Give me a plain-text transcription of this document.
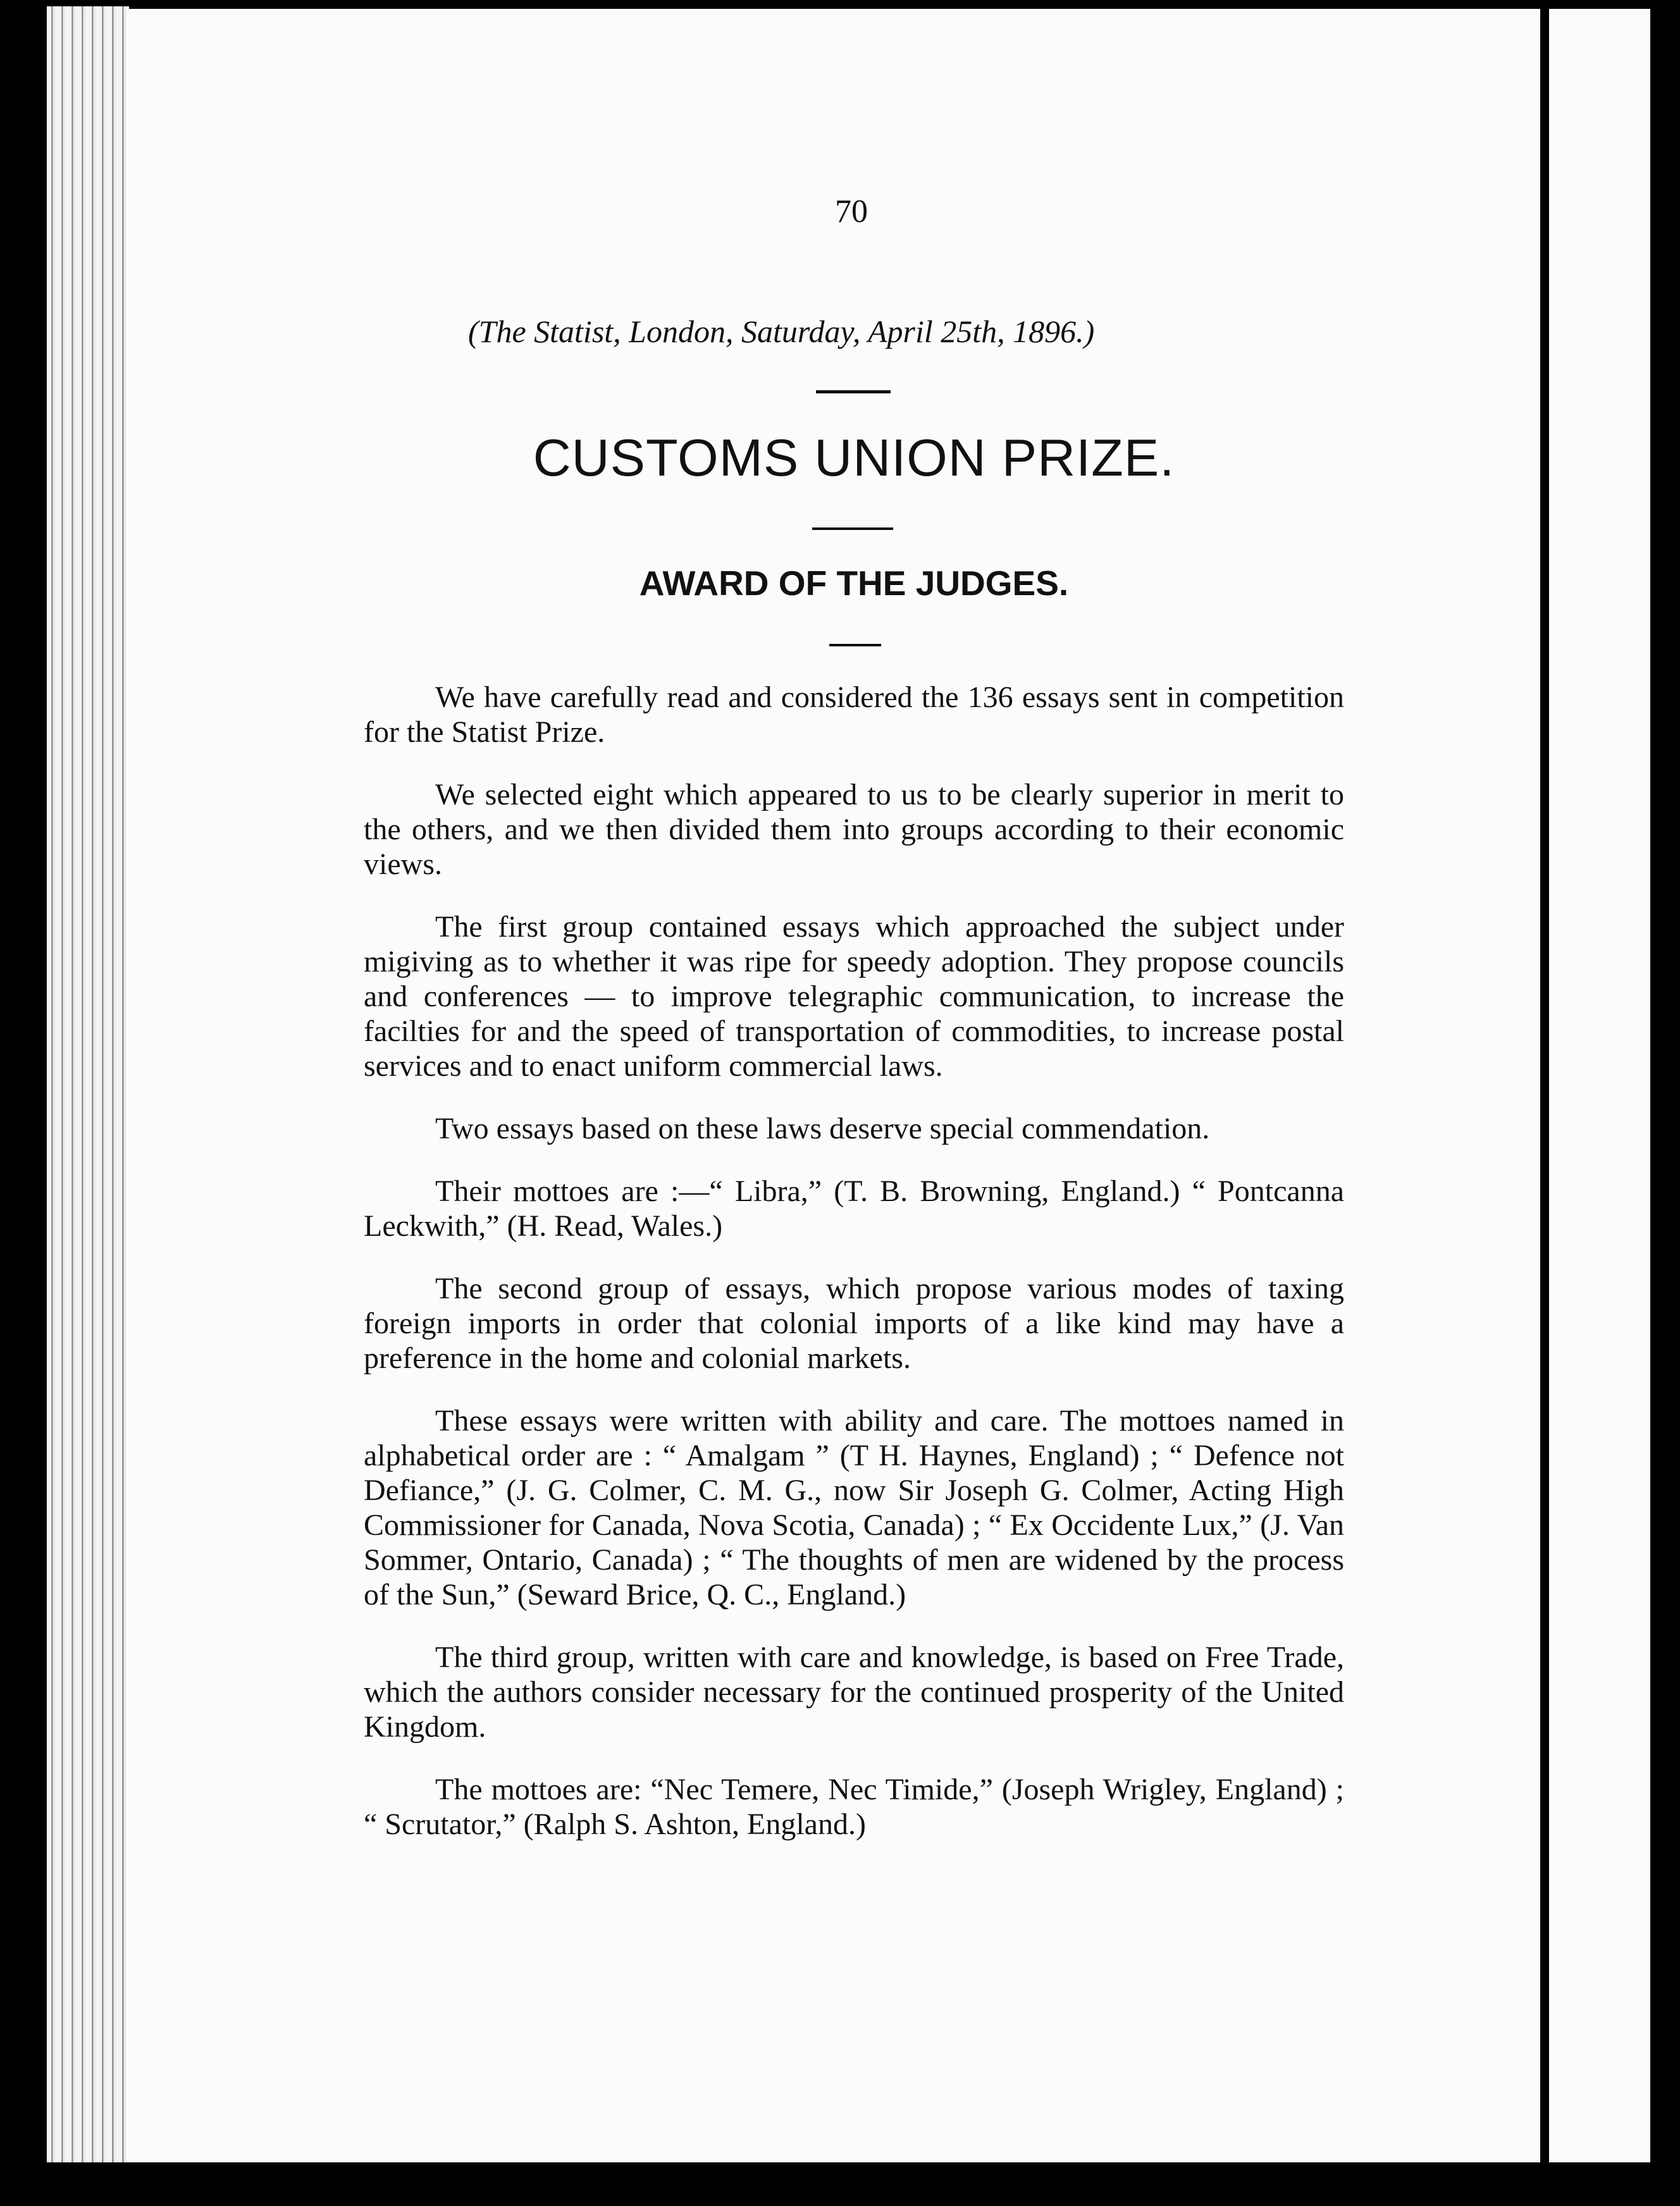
70
(The Statist, London, Saturday, April 25th, 1896.)
CUSTOMS UNION PRIZE.
AWARD OF THE JUDGES.

We have carefully read and considered the 136 essays sent in competition for the Statist Prize.

We selected eight which appeared to us to be clearly superior in merit to the others, and we then divided them into groups according to their economic views.

The first group contained essays which approached the subject under migiving as to whether it was ripe for speedy adoption. They propose councils and conferences — to improve telegraphic communication, to increase the facilties for and the speed of transportation of commodities, to increase postal services and to enact uniform commercial laws.

Two essays based on these laws deserve special commendation.

Their mottoes are :—“ Libra,” (T. B. Browning, England.) “ Pontcanna Leckwith,” (H. Read, Wales.)

The second group of essays, which propose various modes of taxing foreign imports in order that colonial imports of a like kind may have a preference in the home and colonial markets.

These essays were written with ability and care. The mottoes named in alphabetical order are : “ Amalgam ” (T H. Haynes, England) ; “ Defence not Defiance,” (J. G. Colmer, C. M. G., now Sir Joseph G. Colmer, Acting High Commissioner for Canada, Nova Scotia, Canada) ; “ Ex Occidente Lux,” (J. Van Sommer, Ontario, Canada) ; “ The thoughts of men are widened by the process of the Sun,” (Seward Brice, Q. C., England.)

The third group, written with care and knowledge, is based on Free Trade, which the authors consider necessary for the continued prosperity of the United Kingdom.

The mottoes are: “Nec Temere, Nec Timide,” (Joseph Wrigley, England) ; “ Scrutator,” (Ralph S. Ashton, England.)
